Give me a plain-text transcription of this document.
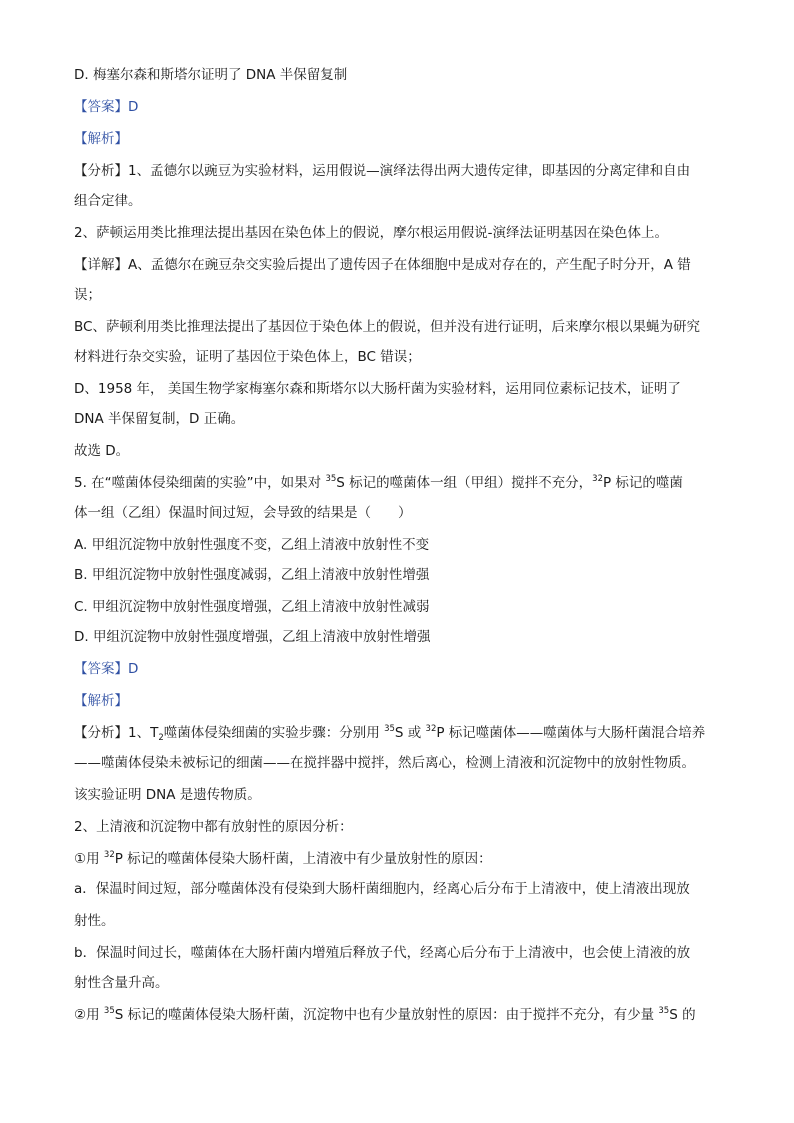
D. 梅塞尔森和斯塔尔证明了 DNA 半保留复制
【答案】D
【解析】
【分析】1、孟德尔以豌豆为实验材料，运用假说—演绎法得出两大遗传定律，即基因的分离定律和自由
组合定律。
2、萨顿运用类比推理法提出基因在染色体上的假说，摩尔根运用假说-演绎法证明基因在染色体上。
【详解】A、孟德尔在豌豆杂交实验后提出了遗传因子在体细胞中是成对存在的，产生配子时分开，A 错
误；
BC、萨顿利用类比推理法提出了基因位于染色体上的假说，但并没有进行证明，后来摩尔根以果蝇为研究
材料进行杂交实验，证明了基因位于染色体上，BC 错误；
D、1958 年， 美国生物学家梅塞尔森和斯塔尔以大肠杆菌为实验材料，运用同位素标记技术，证明了
DNA 半保留复制，D 正确。
故选 D。
5. 在“噬菌体侵染细菌的实验”中，如果对 $^{35}$S 标记的噬菌体一组（甲组）搅拌不充分，$^{32}$P 标记的噬菌
体一组（乙组）保温时间过短，会导致的结果是（　　）
A. 甲组沉淀物中放射性强度不变，乙组上清液中放射性不变
B. 甲组沉淀物中放射性强度减弱，乙组上清液中放射性增强
C. 甲组沉淀物中放射性强度增强，乙组上清液中放射性减弱
D. 甲组沉淀物中放射性强度增强，乙组上清液中放射性增强
【答案】D
【解析】
【分析】1、$T_2$噬菌体侵染细菌的实验步骤：分别用 $^{35}$S 或 $^{32}$P 标记噬菌体——噬菌体与大肠杆菌混合培养
——噬菌体侵染未被标记的细菌——在搅拌器中搅拌，然后离心，检测上清液和沉淀物中的放射性物质。
该实验证明 DNA 是遗传物质。
2、上清液和沉淀物中都有放射性的原因分析：
①用 $^{32}$P 标记的噬菌体侵染大肠杆菌，上清液中有少量放射性的原因：
a．保温时间过短，部分噬菌体没有侵染到大肠杆菌细胞内，经离心后分布于上清液中，使上清液出现放
射性。
b．保温时间过长，噬菌体在大肠杆菌内增殖后释放子代，经离心后分布于上清液中，也会使上清液的放
射性含量升高。
②用 $^{35}$S 标记的噬菌体侵染大肠杆菌，沉淀物中也有少量放射性的原因：由于搅拌不充分，有少量 $^{35}$S 的
